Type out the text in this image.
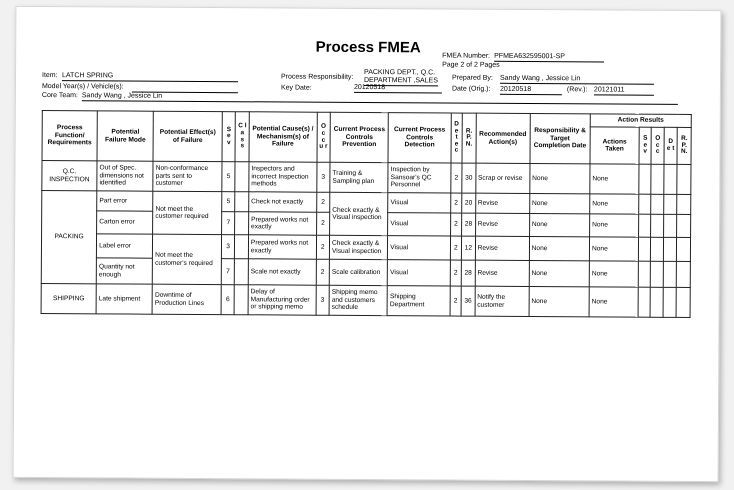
Process FMEA	FMEA Number: PFMEA632595001-SP
Page 2 of 2 Pages
Item: LATCH SPRING	Process Responsibility:
PACKING DEPT., Q.C. DEPARTMENT ,SALES Prepared By: Sandy Wang , Jessice Lin
Model Year(s) / Vehicle(s):	Key Date:	20120518	Date (Orig.): 20120518	(Rev.): 20121011
Core Team: Sandy Wang , Jessice Lin
Process Function/ Requirements	Potential Failure Mode	Potential Effect(s) of Failure	S e v	C l a s s	Potential Cause(s) / Mechanism(s) of Failure	O c c u r	Current Process Controls Prevention	Current Process Controls Detection	D e t e c	R. P. N.	Recommended Action(s)	Responsibility & Target Completion Date	Action Results				
													Actions Taken	S e v	O c c	D e t	R. P. N.
Q.C. INSPECTION	Out of Spec. dimensions not identified	Non-conformance parts sent to customer	5		Inspectors and incorrect Inspection methods	3	Training & Sampling plan	Inspection by Sansoar's QC Personnel	2	30	Scrap or revise	None	None				
PACKING	Part error	Not meet the customer required	5		Check not exactly	2	Check exactly & Visual inspection	Visual	2	20	Revise	None	None				
	Carton error		7		Prepared works not exactly	2		Visual	2	28	Revise	None	None				
	Label error	Not meet the customer's required	3		Prepared works not exactly	2	Check exactly & Visual inspection	Visual	2	12	Revise	None	None				
	Quantity not enough		7		Scale not exactly	2	Scale calibration	Visual	2	28	Revise	None	None				
SHIPPING	Late shipment	Downtime of Production Lines	6		Delay of Manufacturing order or shipping memo	3	Shipping memo and customers schedule	Shipping Department	2	36	Notify the customer	None	None				
